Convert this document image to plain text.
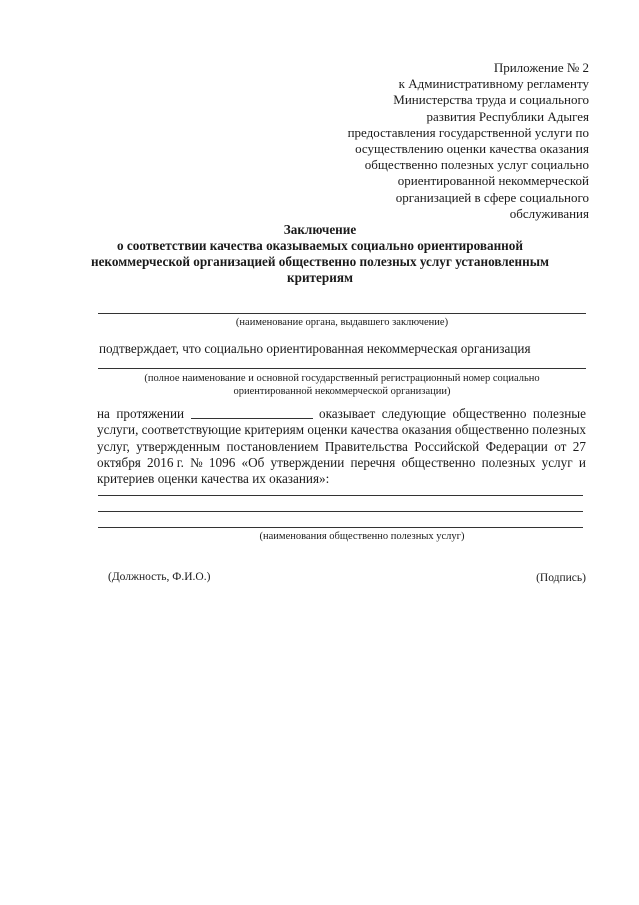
Приложение № 2
к Административному регламенту
Министерства труда и социального
развития Республики Адыгея
предоставления государственной услуги по
осуществлению оценки качества оказания
общественно полезных услуг социально
ориентированной некоммерческой
организацией в сфере социального
обслуживания
Заключение
о соответствии качества оказываемых социально ориентированной
некоммерческой организацией общественно полезных услуг установленным
критериям
(наименование органа, выдавшего заключение)
подтверждает, что социально ориентированная некоммерческая организация
(полное наименование и основной государственный регистрационный номер социально
ориентированной некоммерческой организации)
на протяжении	оказывает следующие общественно полезные
услуги, соответствующие критериям оценки качества оказания общественно полезных
услуг, утвержденным постановлением Правительства Российской Федерации от 27
октября 2016 г. № 1096 «Об утверждении перечня общественно полезных услуг и
критериев оценки качества их оказания»:
(наименования общественно полезных услуг)
(Должность, Ф.И.О.)	(Подпись)
